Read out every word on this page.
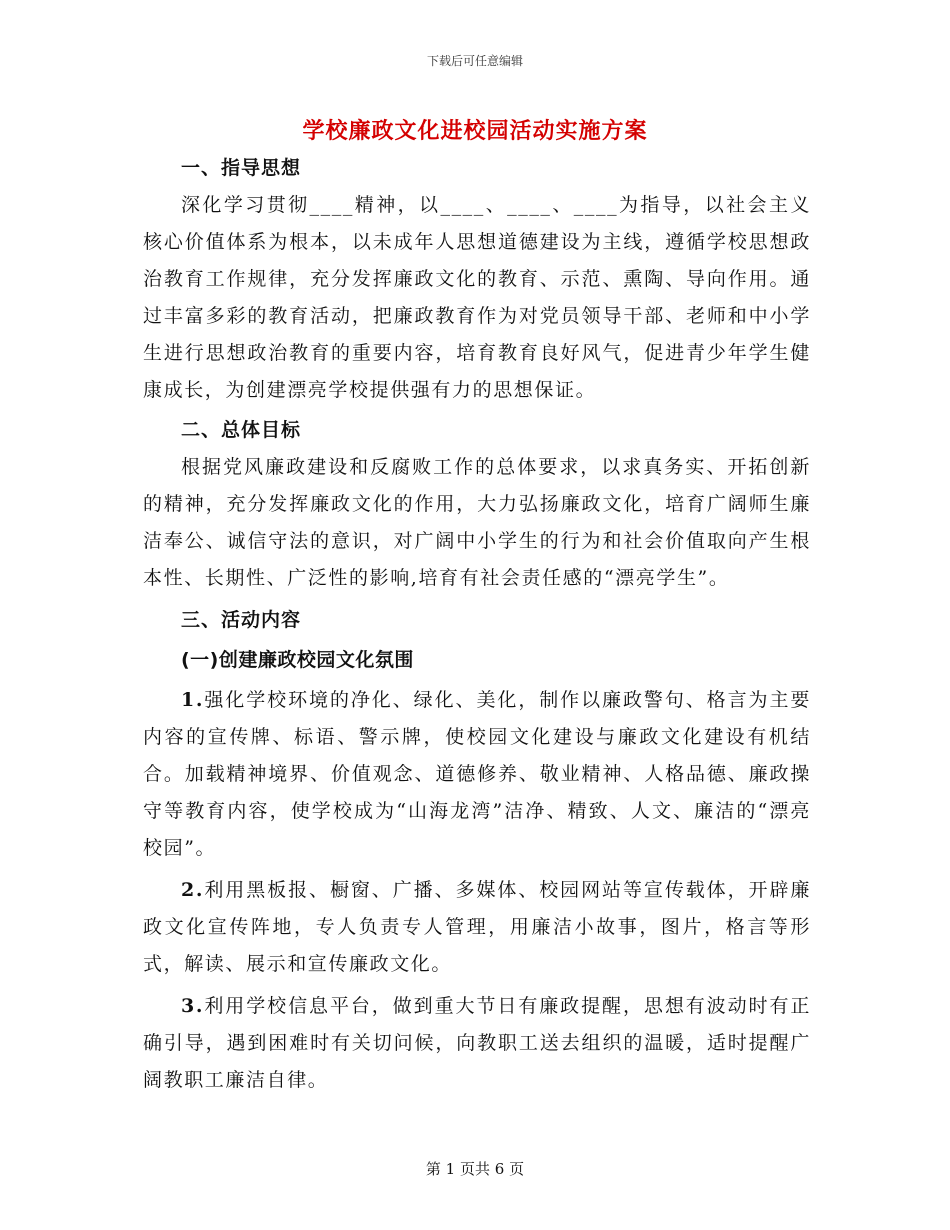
下载后可任意编辑
学校廉政文化进校园活动实施方案

一、指导思想

深化学习贯彻____精神，以____、____、____为指导，以社会主义核心价值体系为根本，以未成年人思想道德建设为主线，遵循学校思想政治教育工作规律，充分发挥廉政文化的教育、示范、熏陶、导向作用。通过丰富多彩的教育活动，把廉政教育作为对党员领导干部、老师和中小学生进行思想政治教育的重要内容，培育教育良好风气，促进青少年学生健康成长，为创建漂亮学校提供强有力的思想保证。

二、总体目标

根据党风廉政建设和反腐败工作的总体要求，以求真务实、开拓创新的精神，充分发挥廉政文化的作用，大力弘扬廉政文化，培育广阔师生廉洁奉公、诚信守法的意识，对广阔中小学生的行为和社会价值取向产生根本性、长期性、广泛性的影响,培育有社会责任感的“漂亮学生”。

三、活动内容

(一)创建廉政校园文化氛围

1.强化学校环境的净化、绿化、美化，制作以廉政警句、格言为主要内容的宣传牌、标语、警示牌，使校园文化建设与廉政文化建设有机结合。加载精神境界、价值观念、道德修养、敬业精神、人格品德、廉政操守等教育内容，使学校成为“山海龙湾”洁净、精致、人文、廉洁的“漂亮校园”。

2.利用黑板报、橱窗、广播、多媒体、校园网站等宣传载体，开辟廉政文化宣传阵地，专人负责专人管理，用廉洁小故事，图片，格言等形式，解读、展示和宣传廉政文化。

3.利用学校信息平台，做到重大节日有廉政提醒，思想有波动时有正确引导，遇到困难时有关切问候，向教职工送去组织的温暖，适时提醒广阔教职工廉洁自律。

第 1 页共 6 页
